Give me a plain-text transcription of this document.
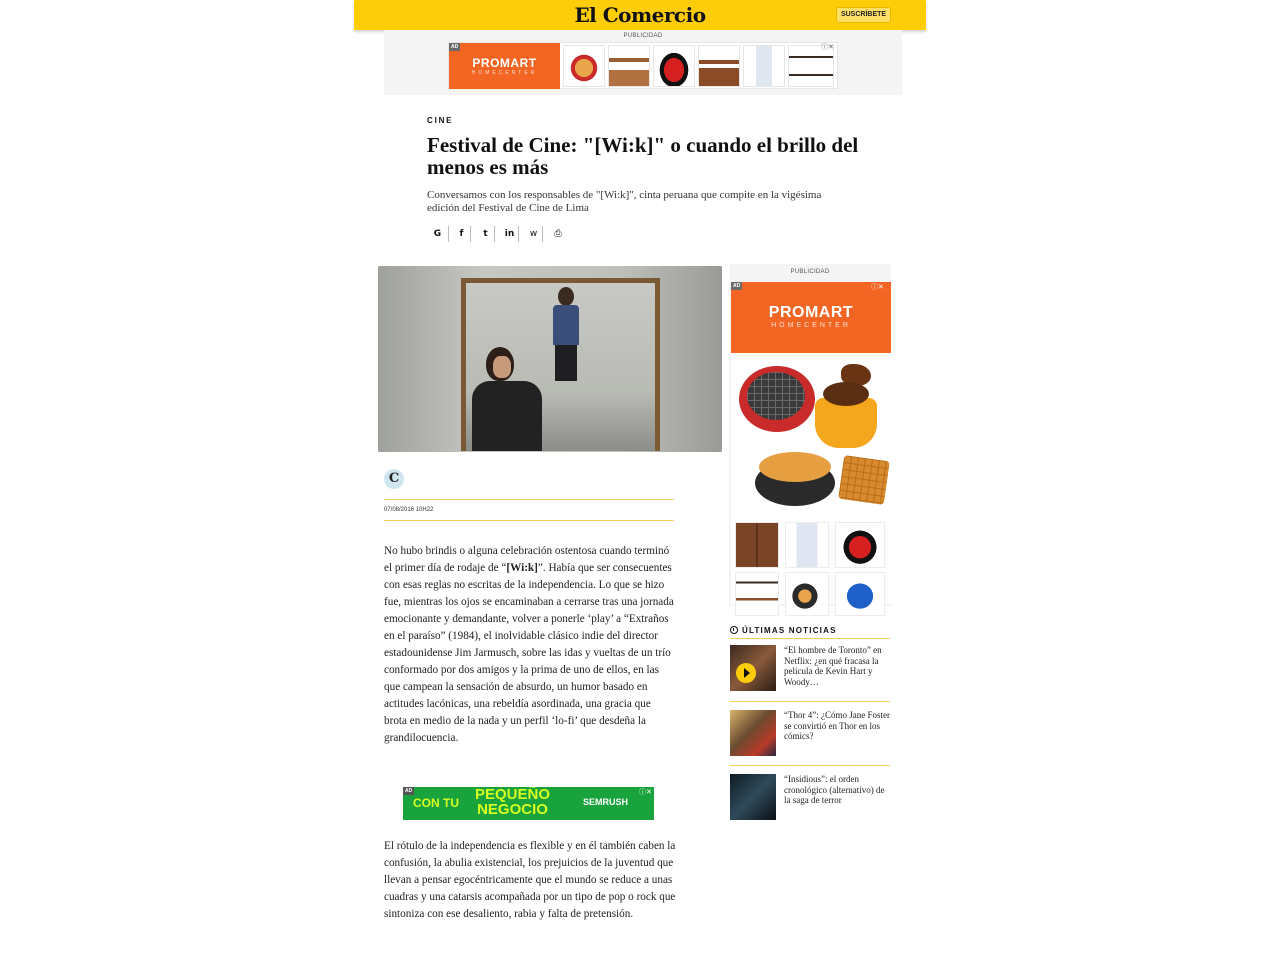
El Comercio	SUSCRÍBETE
PUBLICIDAD
PROMART
HOMECENTER
AD	ⓘ✕
CINE
Festival de Cine: "[Wi:k]" o cuando el brillo del menos es más

Conversamos con los responsables de "[Wi:k]", cinta peruana que compite en la vigésima edición del Festival de Cine de Lima

G	f	t	in	w	⎙
C
07/08/2016 10H22

No hubo brindis o alguna celebración ostentosa cuando terminó el primer día de rodaje de “[Wi:k]”. Había que ser consecuentes con esas reglas no escritas de la independencia. Lo que se hizo fue, mientras los ojos se encaminaban a cerrarse tras una jornada emocionante y demandante, volver a ponerle ‘play’ a “Extraños en el paraíso” (1984), el inolvidable clásico indie del director estadounidense Jim Jarmusch, sobre las idas y vueltas de un trío conformado por dos amigos y la prima de uno de ellos, en las que campean la sensación de absurdo, un humor basado en actitudes lacónicas, una rebeldía asordinada, una gracia que brota en medio de la nada y un perfil ‘lo-fi’ que desdeña la grandilocuencia.

AD
CON TU PEQUEÑO
NEGOCIO	SEMRUSH
ⓘ✕

El rótulo de la independencia es flexible y en él también caben la confusión, la abulia existencial, los prejuicios de la juventud que llevan a pensar egocéntricamente que el mundo se reduce a unas cuadras y una catarsis acompañada por un tipo de pop o rock que sintoniza con ese desaliento, rabia y falta de pretensión.

PUBLICIDAD
PROMART
HOMECENTER
AD	ⓘ✕
ÚLTIMAS NOTICIAS
“El hombre de Toronto” en Netflix: ¿en qué fracasa la película de Kevin Hart y Woody…
“Thor 4”: ¿Cómo Jane Foster se convirtió en Thor en los cómics?
“Insidious”: el orden cronológico (alternativo) de la saga de terror
